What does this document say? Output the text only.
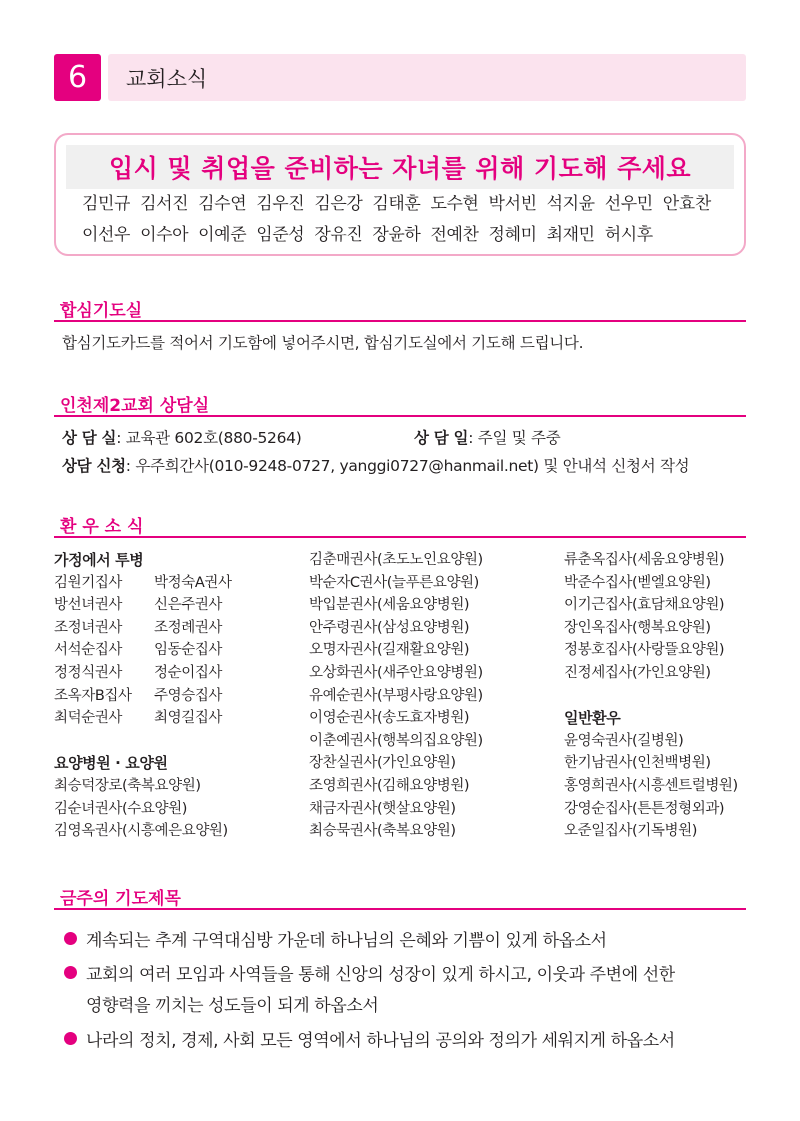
6	교회소식
입시 및 취업을 준비하는 자녀를 위해 기도해 주세요
김민규 김서진 김수연 김우진 김은강 김태훈 도수현 박서빈 석지윤 선우민 안효찬
이선우 이수아 이예준 임준성 장유진 장윤하 전예찬 정혜미 최재민 허시후
합심기도실
합심기도카드를 적어서 기도함에 넣어주시면, 합심기도실에서 기도해 드립니다.
인천제2교회 상담실
상 담 실: 교육관 602호(880-5264)	상 담 일: 주일 및 주중
상담 신청: 우주희간사(010-9248-0727, yanggi0727@hanmail.net) 및 안내석 신청서 작성
환 우 소 식
가정에서 투병
김원기집사	박정숙A권사
방선녀권사	신은주권사
조정녀권사	조정례권사
서석순집사	임동순집사
정정식권사	정순이집사
조옥자B집사	주영승집사
최덕순권사	최영길집사
요양병원 · 요양원
최승덕장로(축복요양원)
김순녀권사(수요양원)
김영옥권사(시흥예은요양원)
김춘매권사(초도노인요양원)
박순자C권사(늘푸른요양원)
박입분권사(세움요양병원)
안주령권사(삼성요양병원)
오명자권사(길재활요양원)
오상화권사(새주안요양병원)
유예순권사(부평사랑요양원)
이영순권사(송도효자병원)
이춘예권사(행복의집요양원)
장찬실권사(가인요양원)
조영희권사(김해요양병원)
채금자권사(햇살요양원)
최승묵권사(축복요양원)
류춘옥집사(세움요양병원)
박준수집사(벧엘요양원)
이기근집사(효담채요양원)
장인옥집사(행복요양원)
정봉호집사(사랑뜰요양원)
진정세집사(가인요양원)
일반환우
윤영숙권사(길병원)
한기남권사(인천백병원)
홍영희권사(시흥센트럴병원)
강영순집사(튼튼정형외과)
오준일집사(기독병원)
금주의 기도제목
계속되는 추계 구역대심방 가운데 하나님의 은혜와 기쁨이 있게 하옵소서
교회의 여러 모임과 사역들을 통해 신앙의 성장이 있게 하시고, 이웃과 주변에 선한
영향력을 끼치는 성도들이 되게 하옵소서
나라의 정치, 경제, 사회 모든 영역에서 하나님의 공의와 정의가 세워지게 하옵소서
